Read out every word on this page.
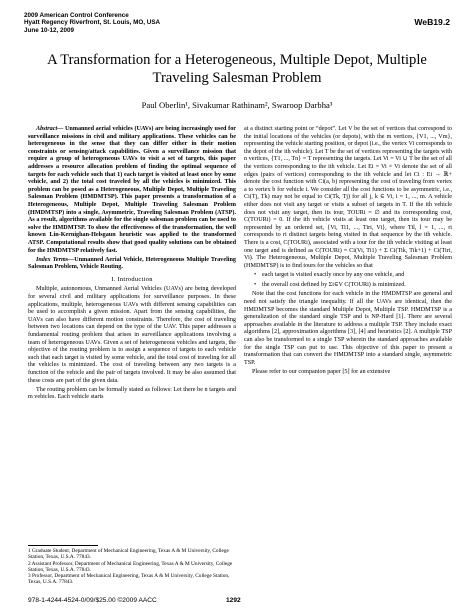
2009 American Control Conference
Hyatt Regency Riverfront, St. Louis, MO, USA
June 10-12, 2009
WeB19.2
A Transformation for a Heterogeneous, Multiple Depot, Multiple Traveling Salesman Problem
Paul Oberlin¹, Sivakumar Rathinam², Swaroop Darbha³

Abstract— Unmanned aerial vehicles (UAVs) are being increasingly used for surveillance missions in civil and military applications. These vehicles can be heterogeneous in the sense that they can differ either in their motion constraints or sensing/attack capabilities. Given a surveillance mission that require a group of heterogeneous UAVs to visit a set of targets, this paper addresses a resource allocation problem of finding the optimal sequence of targets for each vehicle such that 1) each target is visited at least once by some vehicle, and 2) the total cost traveled by all the vehicles is minimized. This problem can be posed as a Heterogeneous, Multiple Depot, Multiple Traveling Salesman Problem (HMDMTSP). This paper presents a transformation of a Heterogeneous, Multiple Depot, Multiple Traveling Salesman Problem (HMDMTSP) into a single, Asymmetric, Traveling Salesman Problem (ATSP). As a result, algorithms available for the single salesman problem can be used to solve the HMDMTSP. To show the effectiveness of the transformation, the well known Lin-Kernighan-Helsgaun heuristic was applied to the transformed ATSP. Computational results show that good quality solutions can be obtained for the HMDMTSP relatively fast.

Index Terms—Unmanned Aerial Vehicle, Heterogeneous Multiple Traveling Salesman Problem, Vehicle Routing.

I. Introduction

Multiple, autonomous, Unmanned Aerial Vehicles (UAVs) are being developed for several civil and military applications for surveillance purposes. In these applications, multiple, heterogeneous UAVs with different sensing capabilities can be used to accomplish a given mission. Apart from the sensing capabilities, the UAVs can also have different motion constraints. Therefore, the cost of traveling between two locations can depend on the type of the UAV. This paper addresses a fundamental routing problem that arises in surveillance applications involving a team of heterogeneous UAVs. Given a set of heterogeneous vehicles and targets, the objective of the routing problem is to assign a sequence of targets to each vehicle such that each target is visited by some vehicle, and the total cost of traveling for all the vehicles is minimized. The cost of traveling between any two targets is a function of the vehicle and the pair of targets involved. It may be also assumed that these costs are part of the given data.

The routing problem can be formally stated as follows: Let there be n targets and m vehicles. Each vehicle starts

1 Graduate Student, Department of Mechanical Engineering, Texas A & M University, College Station, Texas, U.S.A. 77843.

2 Assistant Professor, Department of Mechanical Engineering, Texas A & M University, College Station, Texas, U.S.A. 77843.

3 Professor, Department of Mechanical Engineering, Texas A & M University, College Station, Texas, U.S.A. 77843.

at a distinct starting point or “depot”. Let V be the set of vertices that correspond to the initial locations of the vehicles (or depots), with the m vertices, {V1, ..., Vm}, representing the vehicle starting position, or depot (i.e., the vertex Vi corresponds to the depot of the ith vehicle). Let T be the set of vertices representing the targets with n vertices, {T1, ..., Tn} = T representing the targets. Let Vi = Vi ∪ T be the set of all the vertices corresponding to the ith vehicle. Let Ei = Vi × Vi denote the set of all edges (pairs of vertices) corresponding to the ith vehicle and let Ci : Ei → ℝ+ denote the cost function with Ci(a, b) representing the cost of traveling from vertex a to vertex b for vehicle i. We consider all the cost functions to be asymmetric, i.e., Ci(Tj, Tk) may not be equal to Ci(Tk, Tj) for all j, k ∈ Vi, i = 1, ..., m. A vehicle either does not visit any target or visits a subset of targets in T. If the ith vehicle does not visit any target, then its tour, TOURi = ∅ and its corresponding cost, C(TOURi) = 0. If the ith vehicle visits at least one target, then its tour may be represented by an ordered set, {Vi, Ti1, ..., Tiri, Vi}, where Til, l = 1, ..., ri corresponds to ri distinct targets being visited in that sequence by the ith vehicle. There is a cost, C(TOURi), associated with a tour for the ith vehicle visiting at least one target and is defined as C(TOURi) = Ci(Vi, Ti1) + Σ Ci(Tik, Tik+1) + Ci(Tiri, Vi). The Heterogeneous, Multiple Depot, Multiple Traveling Salesman Problem (HMDMTSP) is to find tours for the vehicles so that

• each target is visited exactly once by any one vehicle, and
• the overall cost defined by Σi∈V C(TOURi) is minimized.

Note that the cost functions for each vehicle in the HMDMTSP are general and need not satisfy the triangle inequality. If all the UAVs are identical, then the HMDMTSP becomes the standard Multiple Depot, Multiple TSP. HMDMTSP is a generalization of the standard single TSP and is NP-Hard [1]. There are several approaches available in the literature to address a multiple TSP. They include exact algorithms [2], approximation algorithms [3], [4] and heuristics [2]. A multiple TSP can also be transformed to a single TSP wherein the standard approaches available for the single TSP can put to use. This objective of this paper to present a transformation that can convert the HMDMTSP into a standard single, asymmetric TSP.

Please refer to our companion paper [5] for an extensive

978-1-4244-4524-0/09/$25.00 ©2009 AACC	1292
